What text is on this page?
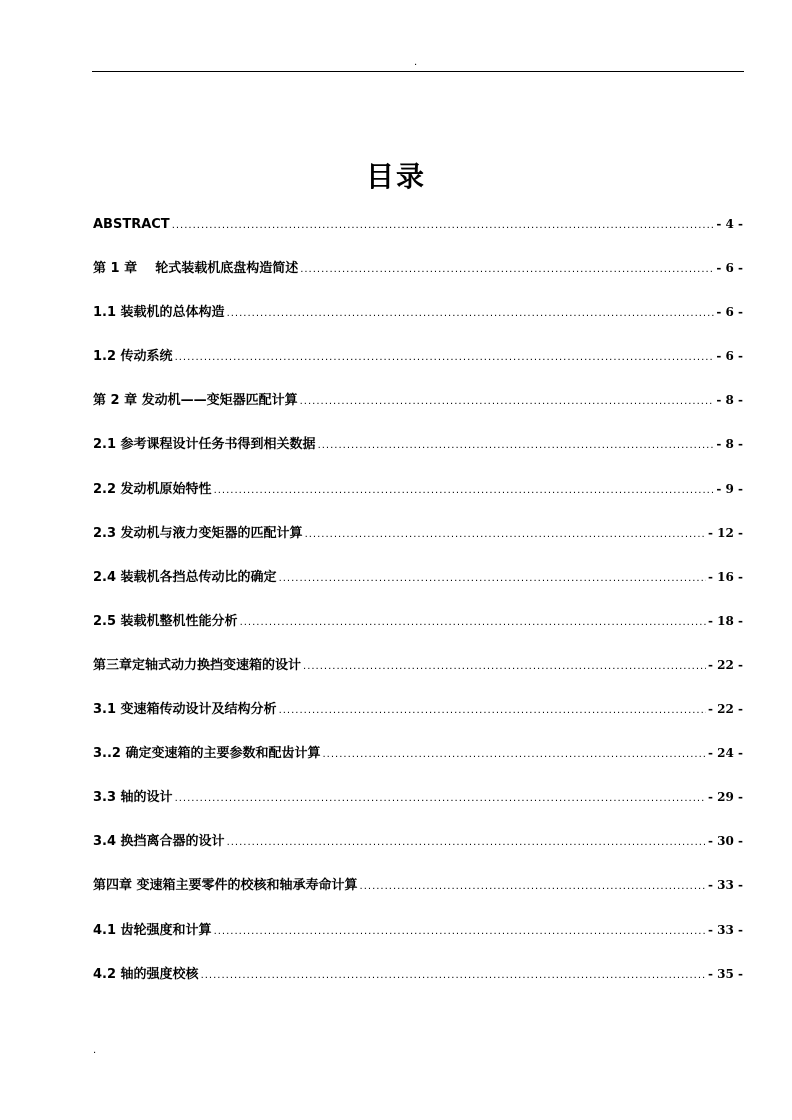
.
目录
ABSTRACT .....	- 4 -
第 1 章    轮式装载机底盘构造简述 .....	- 6 -
1.1 装载机的总体构造 .....	- 6 -
1.2 传动系统 .....	- 6 -
第 2 章 发动机——变矩器匹配计算 .....	- 8 -
2.1 参考课程设计任务书得到相关数据 .....	- 8 -
2.2 发动机原始特性 .....	- 9 -
2.3 发动机与液力变矩器的匹配计算 .....	- 12 -
2.4 装载机各挡总传动比的确定 .....	- 16 -
2.5 装载机整机性能分析 .....	- 18 -
第三章定轴式动力换挡变速箱的设计 .....	- 22 -
3.1 变速箱传动设计及结构分析 .....	- 22 -
3..2 确定变速箱的主要参数和配齿计算 .....	- 24 -
3.3 轴的设计 .....	- 29 -
3.4 换挡离合器的设计 .....	- 30 -
第四章 变速箱主要零件的校核和轴承寿命计算 .....	- 33 -
4.1 齿轮强度和计算 .....	- 33 -
4.2 轴的强度校核 .....	- 35 -
.
